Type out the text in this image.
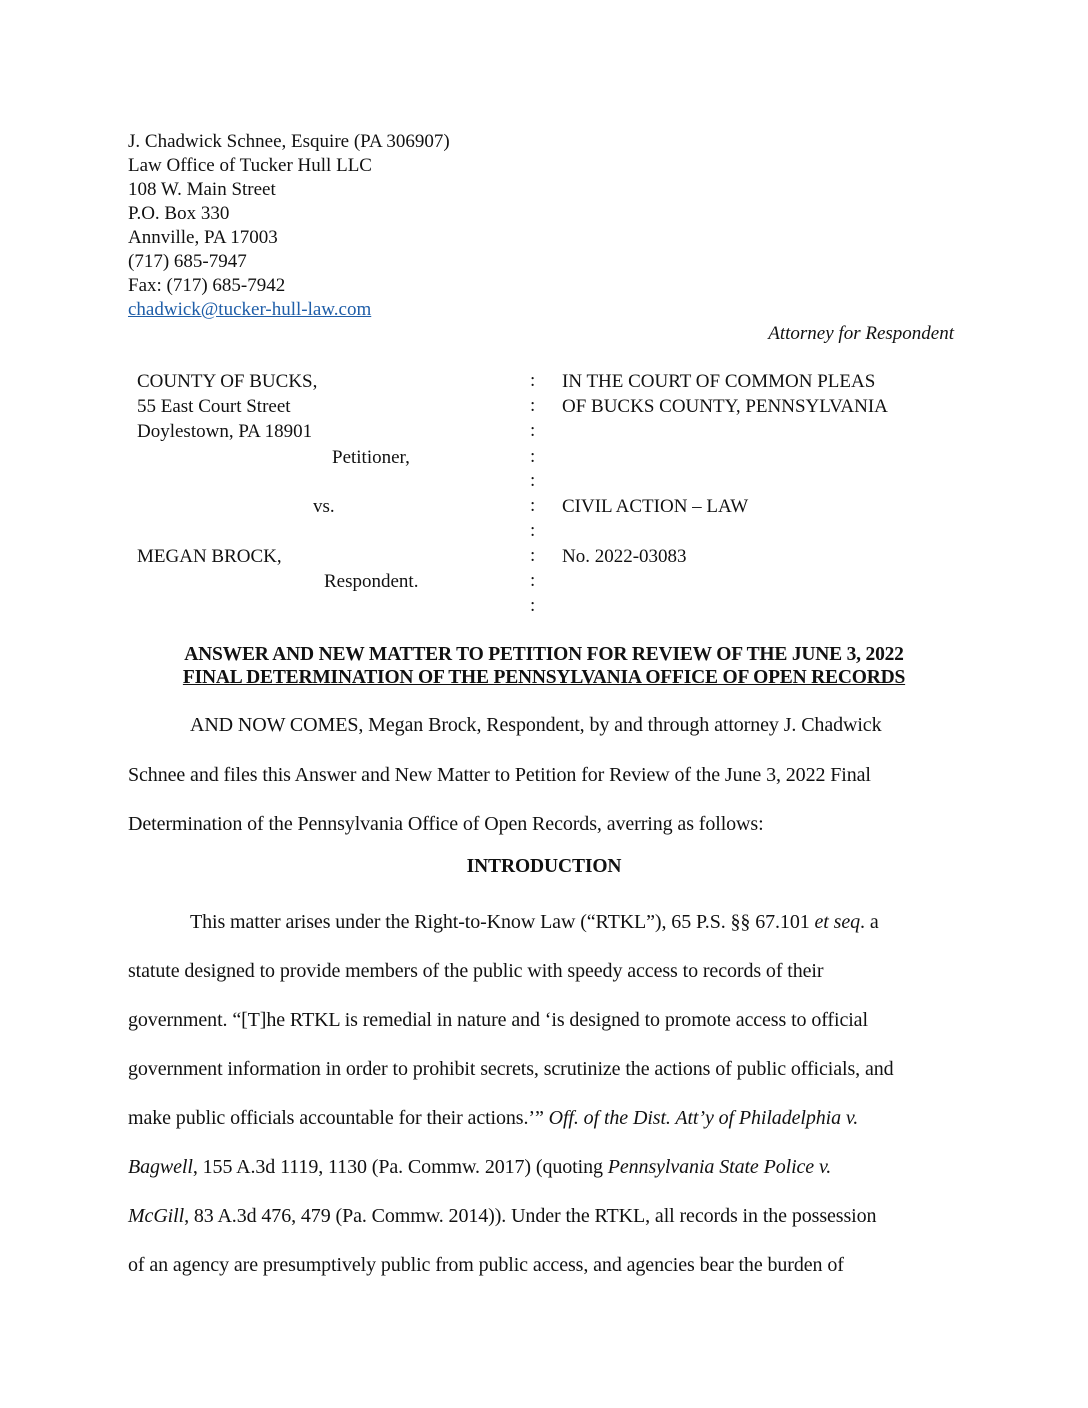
J. Chadwick Schnee, Esquire (PA 306907)
Law Office of Tucker Hull LLC
108 W. Main Street
P.O. Box 330
Annville, PA 17003
(717) 685-7947
Fax: (717) 685-7942
chadwick@tucker-hull-law.com
Attorney for Respondent
COUNTY OF BUCKS,
55 East Court Street
Doylestown, PA 18901
Petitioner,
vs.
MEGAN BROCK,
Respondent.
:
:
:
:
:
:
:
:
:
:
IN THE COURT OF COMMON PLEAS
OF BUCKS COUNTY, PENNSYLVANIA
CIVIL ACTION – LAW
No. 2022-03083
ANSWER AND NEW MATTER TO PETITION FOR REVIEW OF THE JUNE 3, 2022
FINAL DETERMINATION OF THE PENNSYLVANIA OFFICE OF OPEN RECORDS
AND NOW COMES, Megan Brock, Respondent, by and through attorney J. Chadwick
Schnee and files this Answer and New Matter to Petition for Review of the June 3, 2022 Final
Determination of the Pennsylvania Office of Open Records, averring as follows:
INTRODUCTION
This matter arises under the Right-to-Know Law (“RTKL”), 65 P.S. §§ 67.101 et seq. a
statute designed to provide members of the public with speedy access to records of their
government. “[T]he RTKL is remedial in nature and ‘is designed to promote access to official
government information in order to prohibit secrets, scrutinize the actions of public officials, and
make public officials accountable for their actions.’” Off. of the Dist. Att’y of Philadelphia v.
Bagwell, 155 A.3d 1119, 1130 (Pa. Commw. 2017) (quoting Pennsylvania State Police v.
McGill, 83 A.3d 476, 479 (Pa. Commw. 2014)). Under the RTKL, all records in the possession
of an agency are presumptively public from public access, and agencies bear the burden of
